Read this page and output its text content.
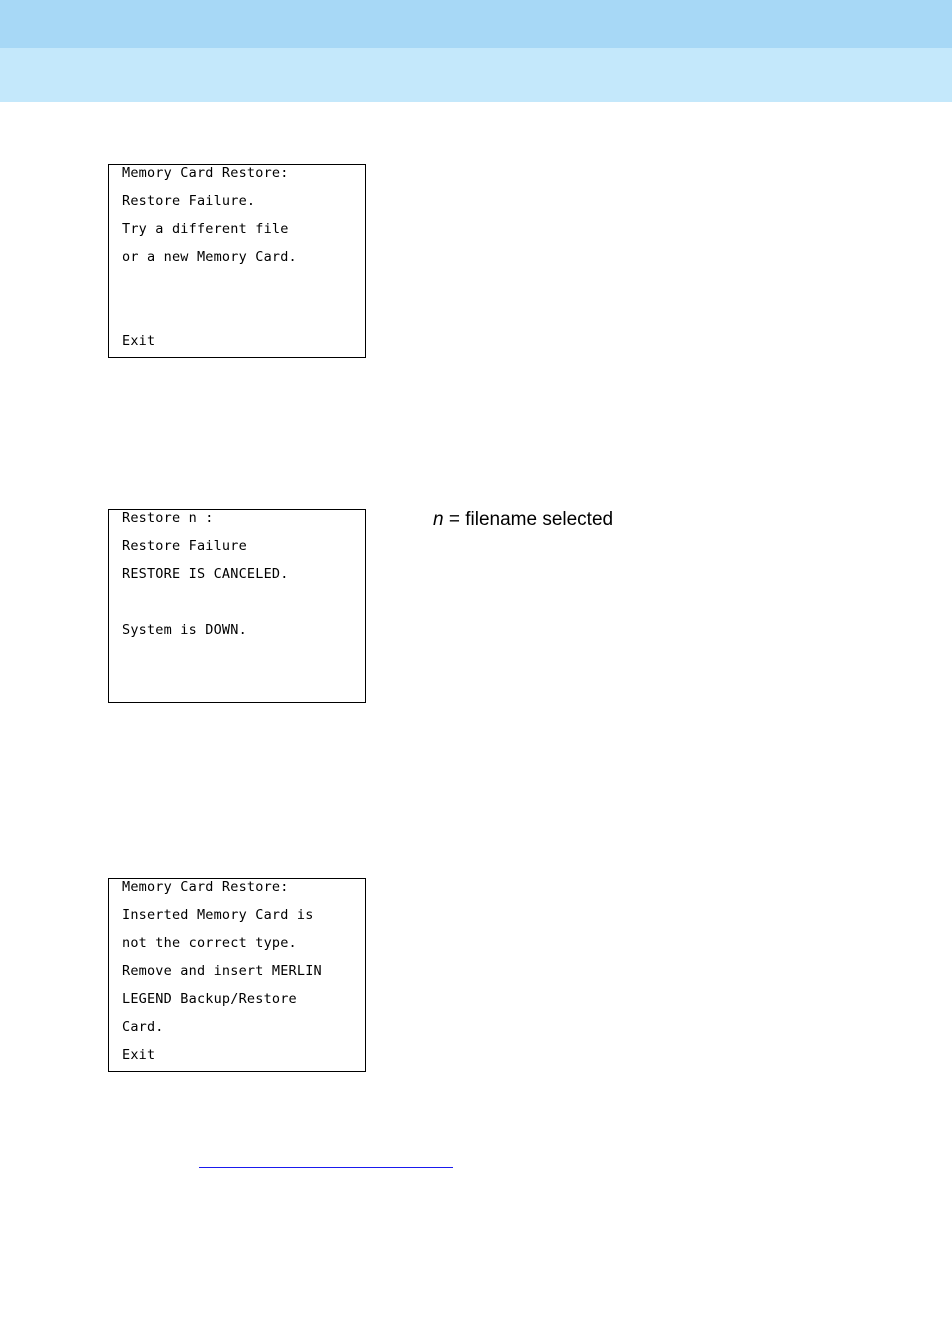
Memory Card Restore:
Restore Failure.
Try a different file
or a new Memory Card.
Exit
Restore n :
Restore Failure
RESTORE IS CANCELED.
System is DOWN.
n = filename selected
Memory Card Restore:
Inserted Memory Card is
not the correct type.
Remove and insert MERLIN
LEGEND Backup/Restore
Card.
Exit
